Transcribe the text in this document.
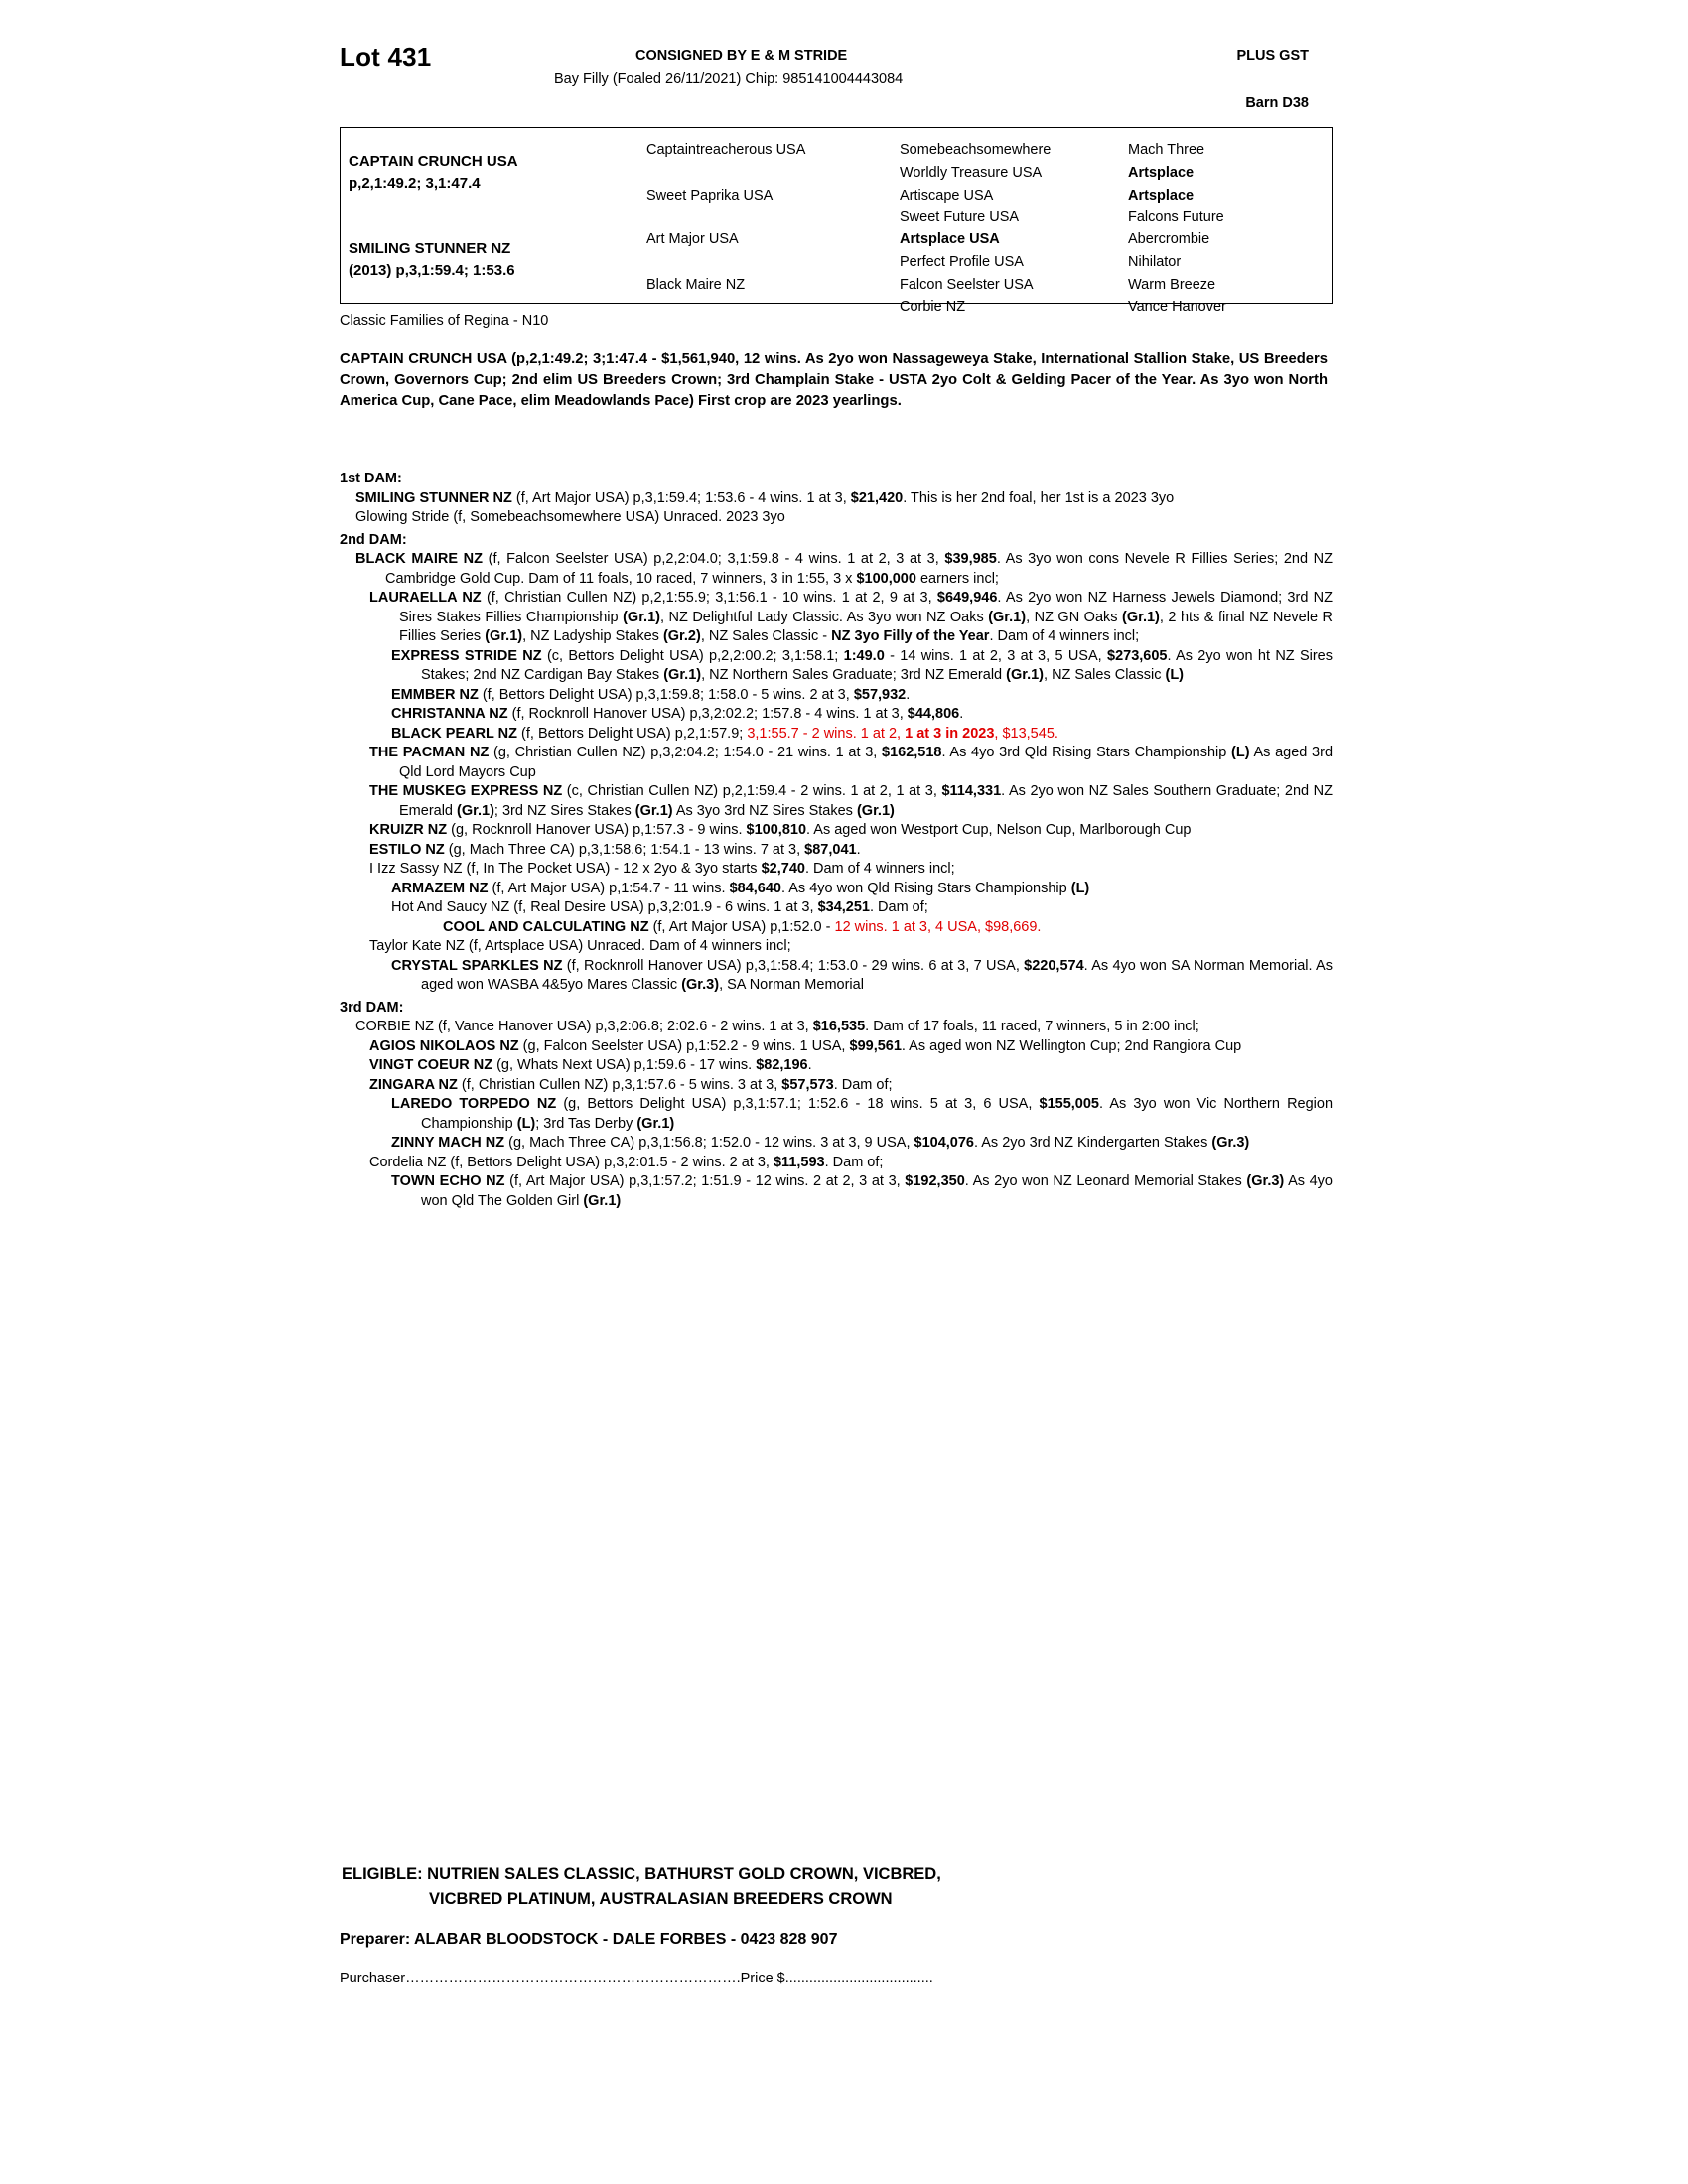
Lot 431	CONSIGNED BY E & M STRIDE	PLUS GST
Bay Filly (Foaled 26/11/2021) Chip: 985141004443084
Barn D38
CAPTAIN CRUNCH USA
p,2,1:49.2; 3,1:47.4
SMILING STUNNER NZ
(2013) p,3,1:59.4; 1:53.6
Captaintreacherous USA
Sweet Paprika USA
Art Major USA
Black Maire NZ
Somebeachsomewhere
Worldly Treasure USA
Artiscape USA
Sweet Future USA
Artsplace USA
Perfect Profile USA
Falcon Seelster USA
Corbie NZ
Mach Three
Artsplace
Artsplace
Falcons Future
Abercrombie
Nihilator
Warm Breeze
Vance Hanover
Classic Families of Regina - N10
CAPTAIN CRUNCH USA (p,2,1:49.2; 3;1:47.4 - $1,561,940, 12 wins. As 2yo won Nassageweya Stake, International Stallion Stake, US Breeders Crown, Governors Cup; 2nd elim US Breeders Crown; 3rd Champlain Stake - USTA 2yo Colt & Gelding Pacer of the Year. As 3yo won North America Cup, Cane Pace, elim Meadowlands Pace) First crop are 2023 yearlings.
1st DAM:

SMILING STUNNER NZ (f, Art Major USA) p,3,1:59.4; 1:53.6 - 4 wins. 1 at 3, $21,420. This is her 2nd foal, her 1st is a 2023 3yo

Glowing Stride (f, Somebeachsomewhere USA) Unraced. 2023 3yo

2nd DAM:

BLACK MAIRE NZ (f, Falcon Seelster USA) p,2,2:04.0; 3,1:59.8 - 4 wins. 1 at 2, 3 at 3, $39,985. As 3yo won cons Nevele R Fillies Series; 2nd NZ Cambridge Gold Cup. Dam of 11 foals, 10 raced, 7 winners, 3 in 1:55, 3 x $100,000 earners incl;

LAURAELLA NZ (f, Christian Cullen NZ) p,2,1:55.9; 3,1:56.1 - 10 wins. 1 at 2, 9 at 3, $649,946. As 2yo won NZ Harness Jewels Diamond; 3rd NZ Sires Stakes Fillies Championship (Gr.1), NZ Delightful Lady Classic. As 3yo won NZ Oaks (Gr.1), NZ GN Oaks (Gr.1), 2 hts & final NZ Nevele R Fillies Series (Gr.1), NZ Ladyship Stakes (Gr.2), NZ Sales Classic - NZ 3yo Filly of the Year. Dam of 4 winners incl;

EXPRESS STRIDE NZ (c, Bettors Delight USA) p,2,2:00.2; 3,1:58.1; 1:49.0 - 14 wins. 1 at 2, 3 at 3, 5 USA, $273,605. As 2yo won ht NZ Sires Stakes; 2nd NZ Cardigan Bay Stakes (Gr.1), NZ Northern Sales Graduate; 3rd NZ Emerald (Gr.1), NZ Sales Classic (L)

EMMBER NZ (f, Bettors Delight USA) p,3,1:59.8; 1:58.0 - 5 wins. 2 at 3, $57,932.

CHRISTANNA NZ (f, Rocknroll Hanover USA) p,3,2:02.2; 1:57.8 - 4 wins. 1 at 3, $44,806.

BLACK PEARL NZ (f, Bettors Delight USA) p,2,1:57.9; 3,1:55.7 - 2 wins. 1 at 2, 1 at 3 in 2023, $13,545.

THE PACMAN NZ (g, Christian Cullen NZ) p,3,2:04.2; 1:54.0 - 21 wins. 1 at 3, $162,518. As 4yo 3rd Qld Rising Stars Championship (L) As aged 3rd Qld Lord Mayors Cup

THE MUSKEG EXPRESS NZ (c, Christian Cullen NZ) p,2,1:59.4 - 2 wins. 1 at 2, 1 at 3, $114,331. As 2yo won NZ Sales Southern Graduate; 2nd NZ Emerald (Gr.1); 3rd NZ Sires Stakes (Gr.1) As 3yo 3rd NZ Sires Stakes (Gr.1)

KRUIZR NZ (g, Rocknroll Hanover USA) p,1:57.3 - 9 wins. $100,810. As aged won Westport Cup, Nelson Cup, Marlborough Cup

ESTILO NZ (g, Mach Three CA) p,3,1:58.6; 1:54.1 - 13 wins. 7 at 3, $87,041.

I Izz Sassy NZ (f, In The Pocket USA) - 12 x 2yo & 3yo starts $2,740. Dam of 4 winners incl;

ARMAZEM NZ (f, Art Major USA) p,1:54.7 - 11 wins. $84,640. As 4yo won Qld Rising Stars Championship (L)

Hot And Saucy NZ (f, Real Desire USA) p,3,2:01.9 - 6 wins. 1 at 3, $34,251. Dam of;

COOL AND CALCULATING NZ (f, Art Major USA) p,1:52.0 - 12 wins. 1 at 3, 4 USA, $98,669.

Taylor Kate NZ (f, Artsplace USA) Unraced. Dam of 4 winners incl;

CRYSTAL SPARKLES NZ (f, Rocknroll Hanover USA) p,3,1:58.4; 1:53.0 - 29 wins. 6 at 3, 7 USA, $220,574. As 4yo won SA Norman Memorial. As aged won WASBA 4&5yo Mares Classic (Gr.3), SA Norman Memorial

3rd DAM:

CORBIE NZ (f, Vance Hanover USA) p,3,2:06.8; 2:02.6 - 2 wins. 1 at 3, $16,535. Dam of 17 foals, 11 raced, 7 winners, 5 in 2:00 incl;

AGIOS NIKOLAOS NZ (g, Falcon Seelster USA) p,1:52.2 - 9 wins. 1 USA, $99,561. As aged won NZ Wellington Cup; 2nd Rangiora Cup

VINGT COEUR NZ (g, Whats Next USA) p,1:59.6 - 17 wins. $82,196.

ZINGARA NZ (f, Christian Cullen NZ) p,3,1:57.6 - 5 wins. 3 at 3, $57,573. Dam of;

LAREDO TORPEDO NZ (g, Bettors Delight USA) p,3,1:57.1; 1:52.6 - 18 wins. 5 at 3, 6 USA, $155,005. As 3yo won Vic Northern Region Championship (L); 3rd Tas Derby (Gr.1)

ZINNY MACH NZ (g, Mach Three CA) p,3,1:56.8; 1:52.0 - 12 wins. 3 at 3, 9 USA, $104,076. As 2yo 3rd NZ Kindergarten Stakes (Gr.3)

Cordelia NZ (f, Bettors Delight USA) p,3,2:01.5 - 2 wins. 2 at 3, $11,593. Dam of;

TOWN ECHO NZ (f, Art Major USA) p,3,1:57.2; 1:51.9 - 12 wins. 2 at 2, 3 at 3, $192,350. As 2yo won NZ Leonard Memorial Stakes (Gr.3) As 4yo won Qld The Golden Girl (Gr.1)

ELIGIBLE: NUTRIEN SALES CLASSIC, BATHURST GOLD CROWN, VICBRED,
VICBRED PLATINUM, AUSTRALASIAN BREEDERS CROWN
Preparer: ALABAR BLOODSTOCK - DALE FORBES - 0423 828 907
Purchaser…………………………………………………………….Price $.....................................
